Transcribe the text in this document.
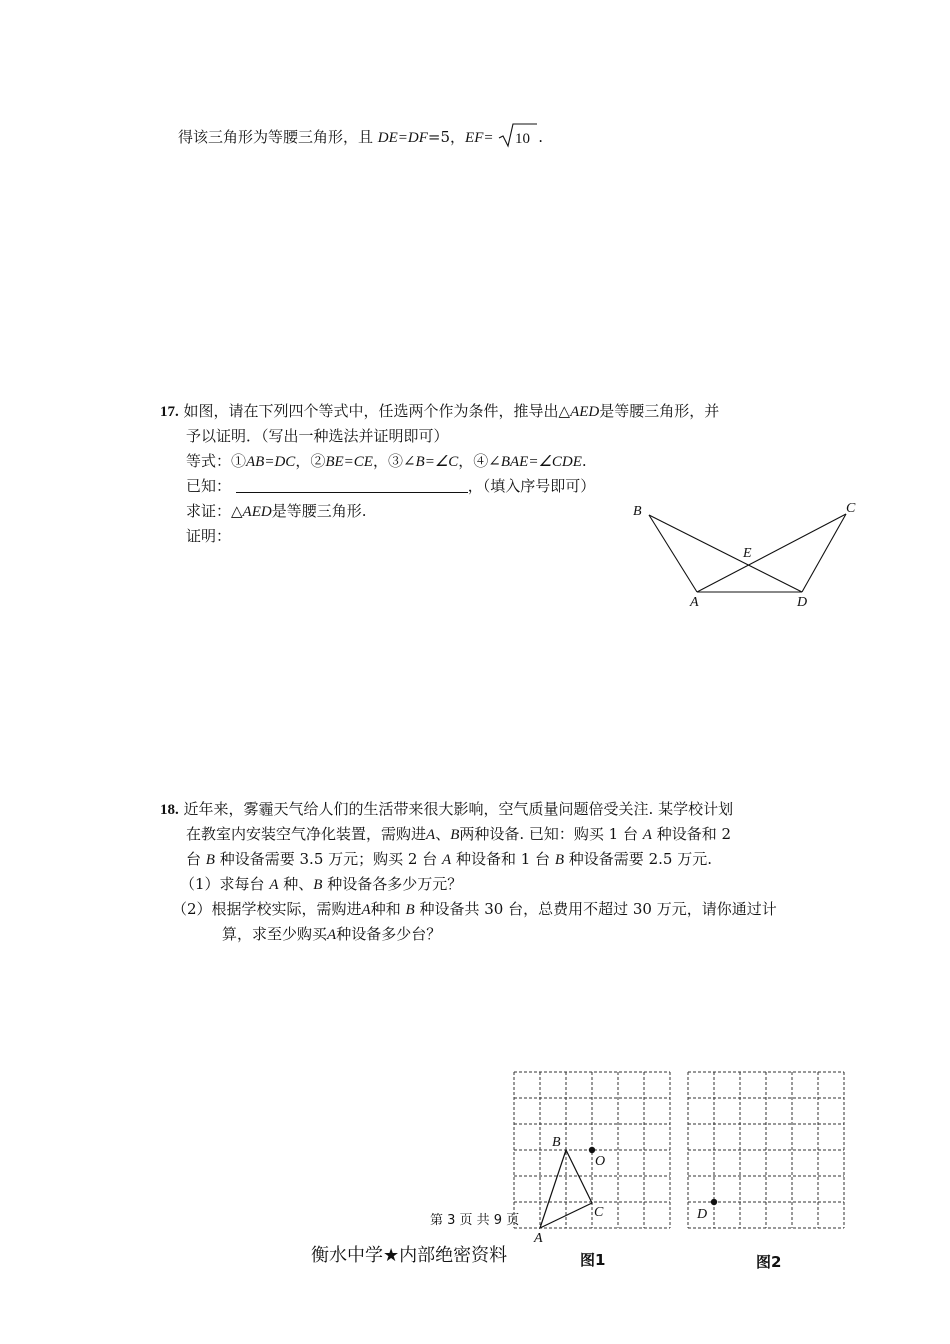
得该三角形为等腰三角形，且 DE=DF=5，EF= 10 .
17. 如图，请在下列四个等式中，任选两个作为条件，推导出△AED是等腰三角形，并
予以证明．（写出一种选法并证明即可）
等式：①AB=DC，②BE=CE，③∠B=∠C，④∠BAE=∠CDE.
已知：	，（填入序号即可）
求证：△AED是等腰三角形.
证明：
B	C
E
A	D
18. 近年来，雾霾天气给人们的生活带来很大影响，空气质量问题倍受关注. 某学校计划
在教室内安装空气净化装置，需购进A、B两种设备. 已知：购买 1 台 A 种设备和 2
台 B 种设备需要 3.5 万元；购买 2 台 A 种设备和 1 台 B 种设备需要 2.5 万元.
（1）求每台 A 种、B 种设备各多少万元？
（2）根据学校实际，需购进A种和 B 种设备共 30 台，总费用不超过 30 万元，请你通过计
算，求至少购买A种设备多少台？
B
O
C
A
D
图1	图2
第 3 页 共 9 页
衡水中学★内部绝密资料
